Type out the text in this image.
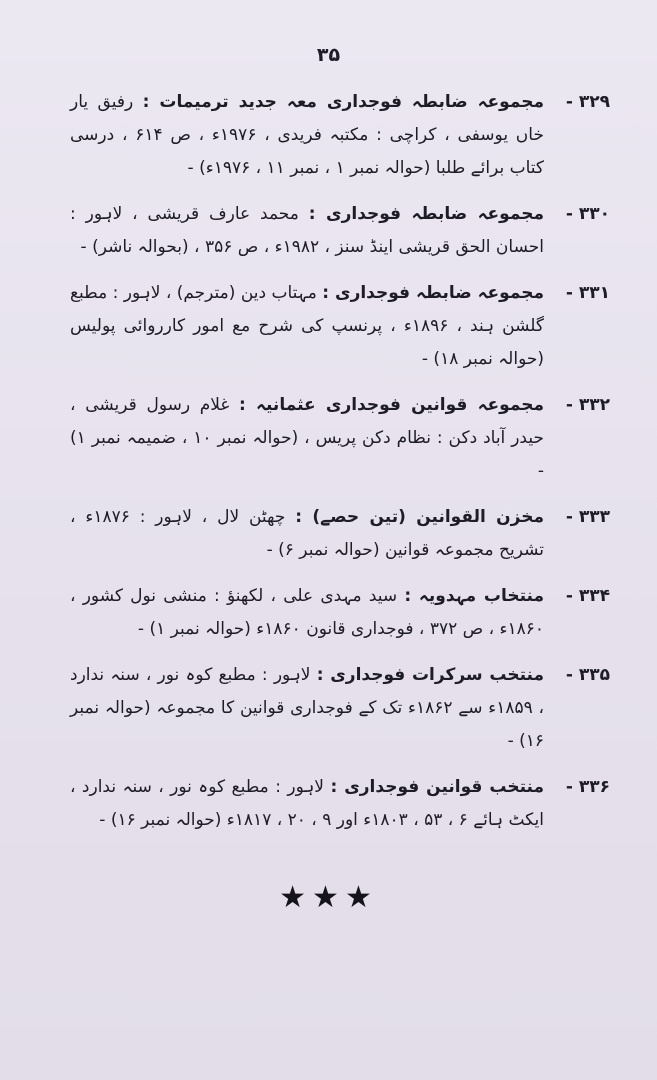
۳۵
۳۲۹ -
مجموعہ ضابطہ فوجداری معہ جدید ترمیمات : رفیق یار خاں یوسفی ، کراچی : مکتبہ فریدی ، ۱۹۷۶ء ، ص ۶۱۴ ، درسی کتاب برائے طلبا (حوالہ نمبر ۱ ، نمبر ۱۱ ، ۱۹۷۶ء) -
۳۳۰ -
مجموعہ ضابطہ فوجداری : محمد عارف قریشی ، لاہور : احسان الحق قریشی اینڈ سنز ، ۱۹۸۲ء ، ص ۳۵۶ ، (بحوالہ ناشر) -
۳۳۱ -
مجموعہ ضابطہ فوجداری : مہتاب دین (مترجم) ، لاہور : مطبع گلشن ہند ، ۱۸۹۶ء ، پرنسپ کی شرح مع امور کارروائی پولیس (حوالہ نمبر ۱۸) -
۳۳۲ -
مجموعہ قوانین فوجداری عثمانیہ : غلام رسول قریشی ، حیدر آباد دکن : نظام دکن پریس ، (حوالہ نمبر ۱۰ ، ضمیمہ نمبر ۱) -
۳۳۳ -
مخزن القوانین (تین حصے) : چھٹن لال ، لاہور : ۱۸۷۶ء ، تشریح مجموعہ قوانین (حوالہ نمبر ۶) -
۳۳۴ -
منتخاب مہدویہ : سید مہدی علی ، لکھنؤ : منشی نول کشور ، ۱۸۶۰ء ، ص ۳۷۲ ، فوجداری قانون ۱۸۶۰ء (حوالہ نمبر ۱) -
۳۳۵ -
منتخب سرکرات فوجداری : لاہور : مطبع کوہ نور ، سنہ ندارد ، ۱۸۵۹ء سے ۱۸۶۲ء تک کے فوجداری قوانین کا مجموعہ (حوالہ نمبر ۱۶) -
۳۳۶ -
منتخب قوانین فوجداری : لاہور : مطبع کوہ نور ، سنہ ندارد ، ایکٹ ہائے ۶ ، ۵۳ ، ۱۸۰۳ء اور ۹ ، ۲۰ ، ۱۸۱۷ء (حوالہ نمبر ۱۶) -
★★★
